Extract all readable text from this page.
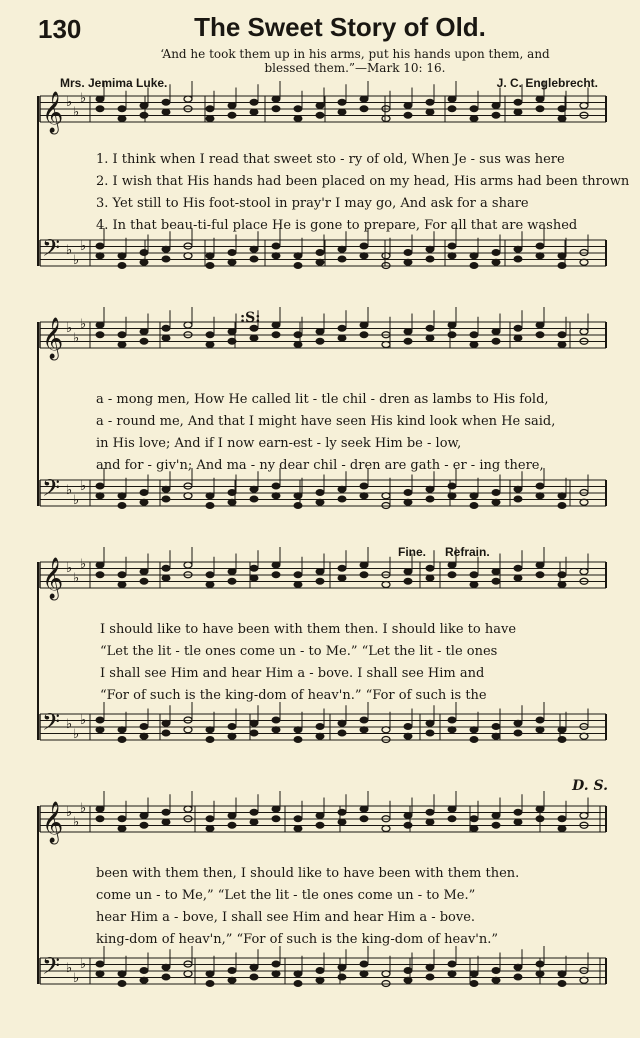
130	The Sweet Story of Old.
‘And he took them up in his arms, put his hands upon them, and
blessed them.”—Mark 10: 16.
Mrs. Jemima Luke.	J. C. Englebrecht.
𝄞 ♭
♭
♭
𝄢 ♭
♭
♭
𝄞 ♭
♭
♭
𝄢 ♭
♭
♭
𝄞 ♭
♭
♭
𝄢 ♭
♭
♭
𝄞 ♭
♭
♭
𝄢 ♭
♭
♭
:S:
Fine. Refrain.
D. S.
1. I think when I read that sweet sto - ry of old, When Je - sus was here
2. I wish that His hands had been placed on my head, His arms had been thrown
3. Yet still to His foot-stool in pray'r I may go, And ask for a share
4. In that beau-ti-ful place He is gone to prepare, For all that are washed
a - mong men, How He called lit - tle chil - dren as lambs to His fold,
a - round me, And that I might have seen His kind look when He said,
in His love; And if I now earn-est - ly seek Him be - low,
and for - giv'n; And ma - ny dear chil - dren are gath - er - ing there,
I should like to have been with them then. I should like to have
“Let the lit - tle ones come un - to Me.” “Let the lit - tle ones
I shall see Him and hear Him a - bove. I shall see Him and
“For of such is the king-dom of heav'n.” “For of such is the
been with them then, I should like to have been with them then.
come un - to Me,” “Let the lit - tle ones come un - to Me.”
hear Him a - bove, I shall see Him and hear Him a - bove.
king-dom of heav'n,” “For of such is the king-dom of heav'n.”
